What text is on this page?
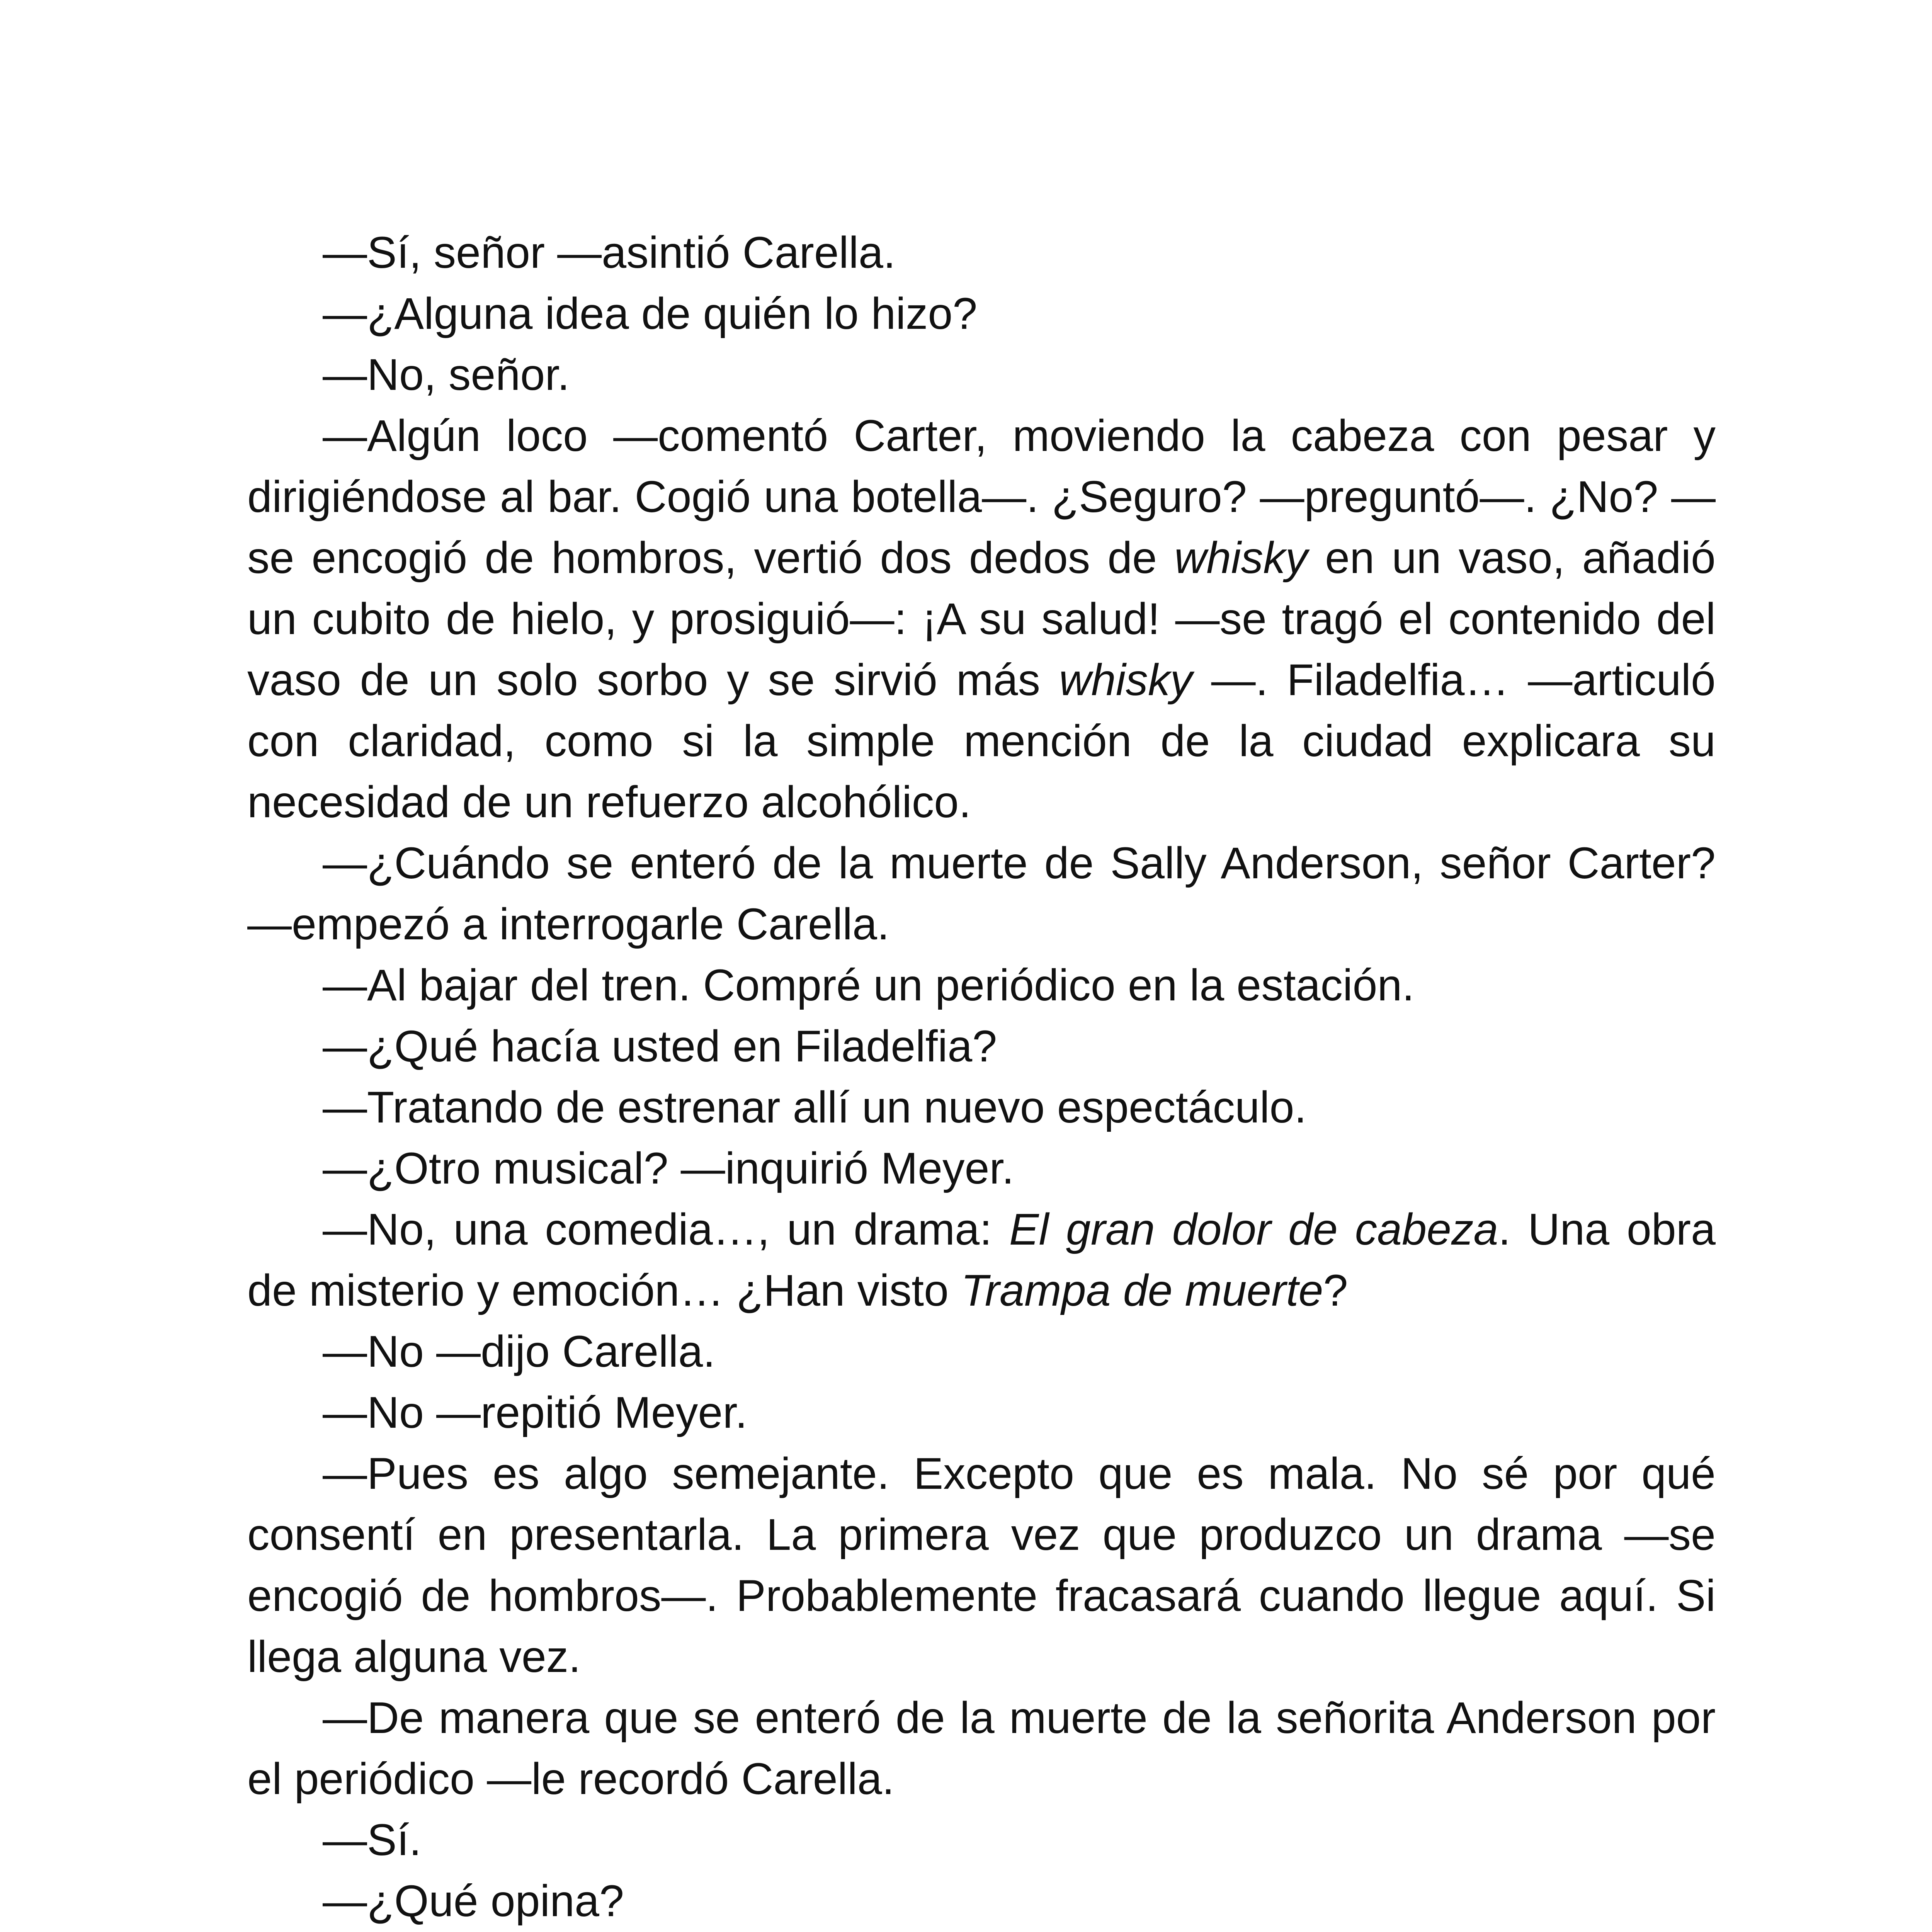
—Sí, señor —asintió Carella.

—¿Alguna idea de quién lo hizo?

—No, señor.

—Algún loco —comentó Carter, moviendo la cabeza con pesar y dirigiéndose al bar. Cogió una botella—. ¿Seguro? —preguntó—. ¿No? —se encogió de hombros, vertió dos dedos de whisky en un vaso, añadió un cubito de hielo, y prosiguió—: ¡A su salud! —se tragó el contenido del vaso de un solo sorbo y se sirvió más whisky —. Filadelfia… —articuló con claridad, como si la simple mención de la ciudad explicara su necesidad de un refuerzo alcohólico.

—¿Cuándo se enteró de la muerte de Sally Anderson, señor Carter? —empezó a interrogarle Carella.

—Al bajar del tren. Compré un periódico en la estación.

—¿Qué hacía usted en Filadelfia?

—Tratando de estrenar allí un nuevo espectáculo.

—¿Otro musical? —inquirió Meyer.

—No, una comedia…, un drama: El gran dolor de cabeza. Una obra de misterio y emoción… ¿Han visto Trampa de muerte?

—No —dijo Carella.

—No —repitió Meyer.

—Pues es algo semejante. Excepto que es mala. No sé por qué consentí en presentarla. La primera vez que produzco un drama —se encogió de hombros—. Probablemente fracasará cuando llegue aquí. Si llega alguna vez.

—De manera que se enteró de la muerte de la señorita Anderson por el periódico —le recordó Carella.

—Sí.

—¿Qué opina?
